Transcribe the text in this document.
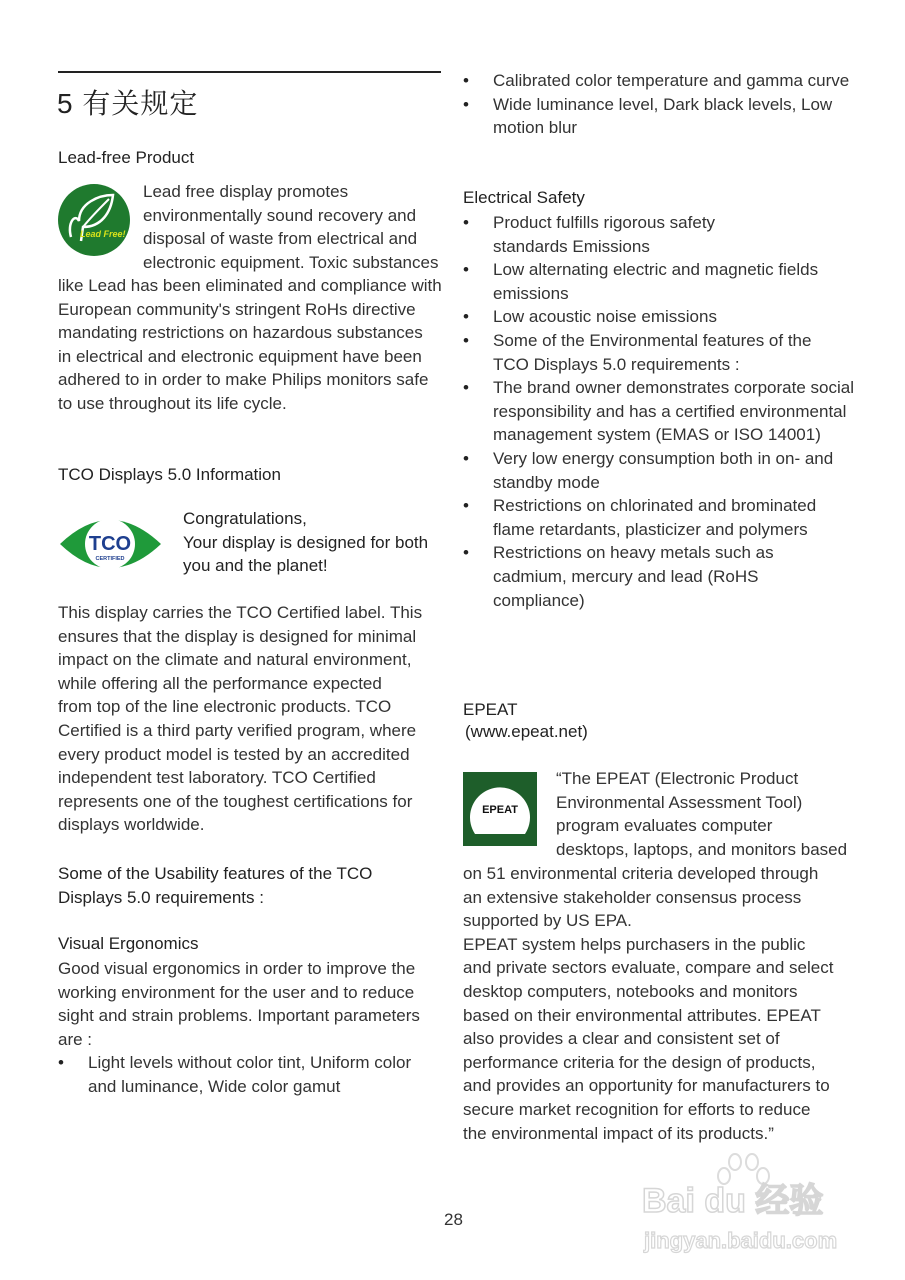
5 有关规定
Lead-free Product
Lead Free!
Lead free display promotes
environmentally sound recovery and
disposal of waste from electrical and
electronic equipment. Toxic substances
like Lead has been eliminated and compliance with
European community's stringent RoHs directive
mandating restrictions on hazardous substances
in electrical and electronic equipment have been
adhered to in order to make Philips monitors safe
to use throughout its life cycle.
TCO Displays 5.0 Information
TCO
CERTIFIED
Congratulations,
Your display is designed for both
you and the planet!
This display carries the TCO Certified label. This
ensures that the display is designed for minimal
impact on the climate and natural environment,
while offering all the performance expected
from top of the line electronic products. TCO
Certified is a third party verified program, where
every product model is tested by an accredited
independent test laboratory. TCO Certified
represents one of the toughest certifications for
displays worldwide.
Some of the Usability features of the TCO
Displays 5.0 requirements :
Visual Ergonomics
Good visual ergonomics in order to improve the
working environment for the user and to reduce
sight and strain problems. Important parameters
are :
• Light levels without color tint, Uniform color and luminance, Wide color gamut
• Calibrated color temperature and gamma curve
• Wide luminance level, Dark black levels, Low motion blur
Electrical Safety
• Product fulfills rigorous safety standards Emissions
• Low alternating electric and magnetic fields emissions
• Low acoustic noise emissions
• Some of the Environmental features of the TCO Displays 5.0 requirements :
• The brand owner demonstrates corporate social responsibility and has a certified environmental management system (EMAS or ISO 14001)
• Very low energy consumption both in on- and standby mode
• Restrictions on chlorinated and brominated flame retardants, plasticizer and polymers
• Restrictions on heavy metals such as cadmium, mercury and lead (RoHS compliance)
EPEAT
(www.epeat.net)
EPEAT
“The EPEAT (Electronic Product
Environmental Assessment Tool)
program evaluates computer
desktops, laptops, and monitors based
on 51 environmental criteria developed through
an extensive stakeholder consensus process
supported by US EPA.
EPEAT system helps purchasers in the public
and private sectors evaluate, compare and select
desktop computers, notebooks and monitors
based on their environmental attributes. EPEAT
also provides a clear and consistent set of
performance criteria for the design of products,
and provides an opportunity for manufacturers to
secure market recognition for efforts to reduce
the environmental impact of its products.”
28	Bai du 经验
jingyan.baidu.com
